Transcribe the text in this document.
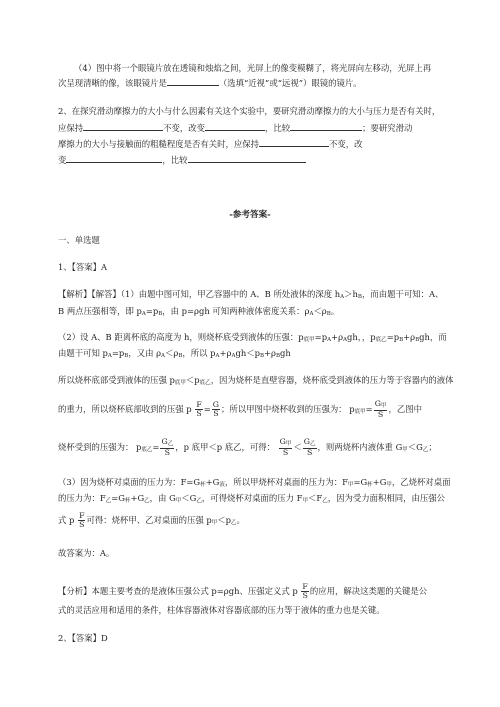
（4）图中将一个眼镜片放在透镜和烛焰之间，光屏上的像变模糊了，将光屏向左移动，光屏上再
次呈现清晰的像，该眼镜片是	（选填“近视”或“远视”）眼镜的镜片。
2、在探究滑动摩擦力的大小与什么因素有关这个实验中，要研究滑动摩擦力的大小与压力是否有关时，
应保持	不变，改变	，比较	；要研究滑动
摩擦力的大小与接触面的粗糙程度是否有关时，应保持	不变，改
变	，比较
-参考答案-
一、单选题
1、【答案】A
【解析】【解答】（1）由题中图可知，甲乙容器中的 A、B 所处液体的深度 hA＞hB，而由题干可知：A、
B 两点压强相等，即 pA=pB，由 p=ρgh 可知两种液体密度关系：ρA＜ρB。
（2）设 A、B 距离杯底的高度为 h，则烧杯底受到液体的压强：p底甲=pA+ρAgh，，p底乙=pB+ρBgh，而
由题干可知 pA=pB，又由 ρA＜ρB，所以 pA+ρAgh＜pB+ρBgh
所以烧杯底部受到液体的压强 p底甲＜p底乙，因为烧杯是直壁容器，烧杯底受到液体的压力等于容器内的液体
的重力，所以烧杯底部收到的压强 p $\frac{F}{S} = \frac{G}{S}$ ；所以甲图中烧杯收到的压强为： p底甲= $\frac{\text{G甲}}{S}$ ，乙图中
烧杯受到的压强为： p底乙= $\frac{\text{G乙}}{S}$ ，p 底甲＜p 底乙，可得： $\frac{\text{G甲}}{S} < \frac{\text{G乙}}{S}$ ，则两烧杯内液体重 G甲＜G乙；
（3）因为烧杯对桌面的压力为：F=G杯+G液，所以甲烧杯对桌面的压力为：F甲=G杯+G甲，乙烧杯对桌面
的压力为：F乙=G杯+G乙，由 G甲＜G乙，可得烧杯对桌面的压力 F甲＜F乙，因为受力面积相同，由压强公
式 p $\frac{F}{S}$ 可得：烧杯甲、乙对桌面的压强 p甲＜p乙。
故答案为：A。
【分析】本题主要考查的是液体压强公式 p=ρgh、压强定义式 p $\frac{F}{S}$ 的应用，解决这类题的关键是公
式的灵活应用和适用的条件，柱体容器液体对容器底部的压力等于液体的重力也是关键。
2、【答案】D
